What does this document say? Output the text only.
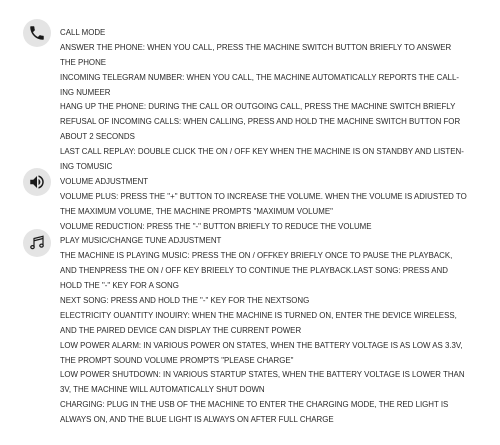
CALL MODE
ANSWER THE PHONE: WHEN YOU CALL, PRESS THE MACHINE SWITCH BUTTON BRIEFLY TO ANSWER
THE PHONE
INCOMING TELEGRAM NUMBER: WHEN YOU CALL, THE MACHINE AUTOMATICALLY REPORTS THE CALL-
ING NUMEER
HANG UP THE PHONE: DURING THE CALL OR OUTGOING CALL, PRESS THE MACHINE SWITCH BRIEFLY
REFUSAL OF INCOMING CALLS: WHEN CALLING, PRESS AND HOLD THE MACHINE SWITCH BUTTON FOR
ABOUT 2 SECONDS
LAST CALL REPLAY: DOUBLE CLICK THE ON / OFF KEY WHEN THE MACHINE IS ON STANDBY AND LISTEN-
ING TOMUSIC
VOLUME ADJUSTMENT
VOLUME PLUS: PRESS THE "+" BUTTON TO INCREASE THE VOLUME. WHEN THE VOLUME IS ADIUSTED TO
THE MAXIMUM VOLUME, THE MACHINE PROMPTS "MAXIMUM VOLUME"
VOLUME REDUCTION: PRES5 THE "-" BUTTON BRIEFLY TO REDUCE THE VOLUME
PLAY MUSIC/CHANGE TUNE ADJUSTMENT
THE MACHINE IS PLAYING MUSIC: PRESS THE ON / OFFKEY BRIEFLY ONCE TO PAUSE THE PLAYBACK,
AND THENPRESS THE ON / OFF KEY BRIEELY TO CONTINUE THE PLAYBACK.LAST SONG: PRESS AND
HOLD THE "-" KEY FOR A SONG
NEXT SONG: PRESS AND HOLD THE "-" KEY FOR THE NEXTSONG
ELECTRICITY OUANTITY INOUIRY: WHEN THE MACHINE IS TURNED ON, ENTER THE DEVICE WIRELESS,
AND THE PAIRED DEVICE CAN DISPLAY THE CURRENT POWER
LOW POWER ALARM: IN VARIOUS POWER ON STATES, WHEN THE BATTERY VOLTAGE IS AS LOW AS 3.3V,
THE PROMPT SOUND VOLUME PROMPTS "PLEASE CHARGE"
LOW POWER SHUTDOWN: IN VARIOUS STARTUP STATES, WHEN THE BATTERY VOLTAGE IS LOWER THAN
3V, THE MACHINE WILL AUTOMATICALLY SHUT DOWN
CHARGING: PLUG IN THE USB OF THE MACHINE TO ENTER THE CHARGING MODE, THE RED LIGHT IS
ALWAYS ON, AND THE BLUE LIGHT IS ALWAYS ON AFTER FULL CHARGE
